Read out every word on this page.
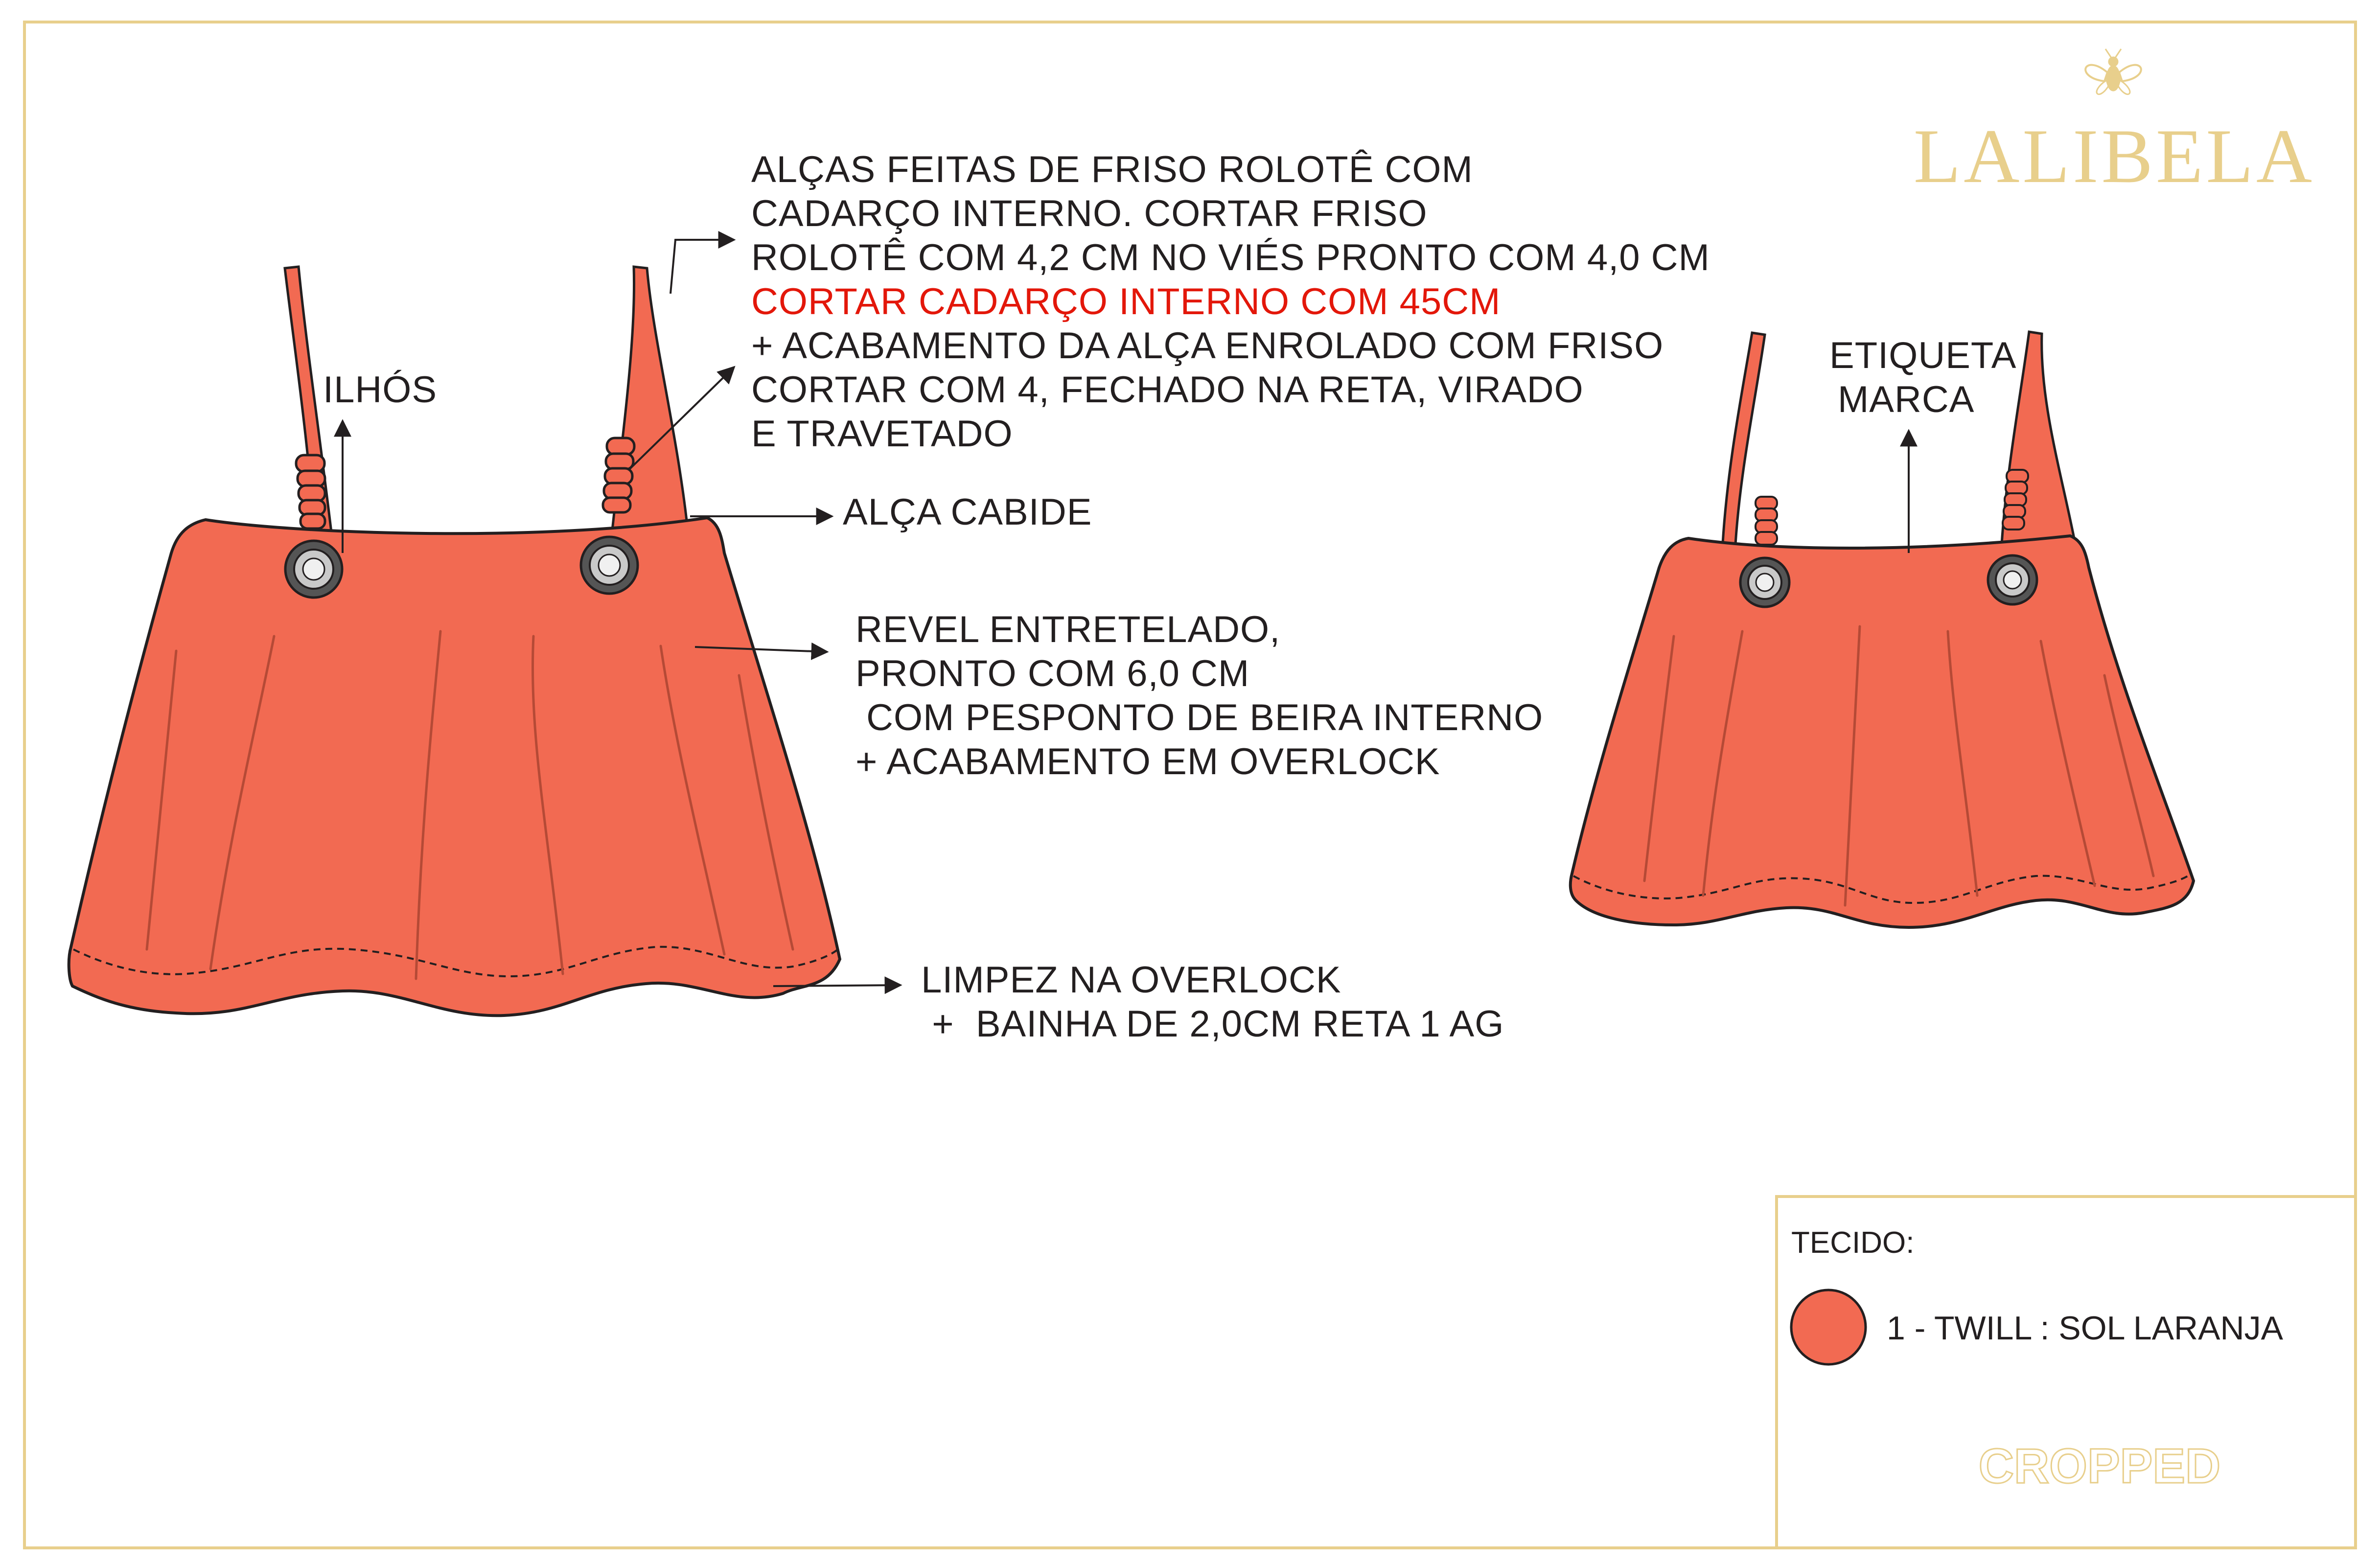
LALIBELA
ALÇAS FEITAS DE FRISO ROLOTÊ COM
CADARÇO INTERNO. CORTAR FRISO
ROLOTÊ COM 4,2 CM NO VIÉS PRONTO COM 4,0 CM
CORTAR CADARÇO INTERNO COM 45CM
+ ACABAMENTO DA ALÇA ENROLADO COM FRISO
CORTAR COM 4, FECHADO NA RETA, VIRADO
E TRAVETADO
ILHÓS
ALÇA CABIDE
REVEL ENTRETELADO,
PRONTO COM 6,0 CM
COM PESPONTO DE BEIRA INTERNO
+ ACABAMENTO EM OVERLOCK
LIMPEZ NA OVERLOCK
+  BAINHA DE 2,0CM RETA 1 AG
ETIQUETA
MARCA
TECIDO:
1 - TWILL : SOL LARANJA
CROPPED
